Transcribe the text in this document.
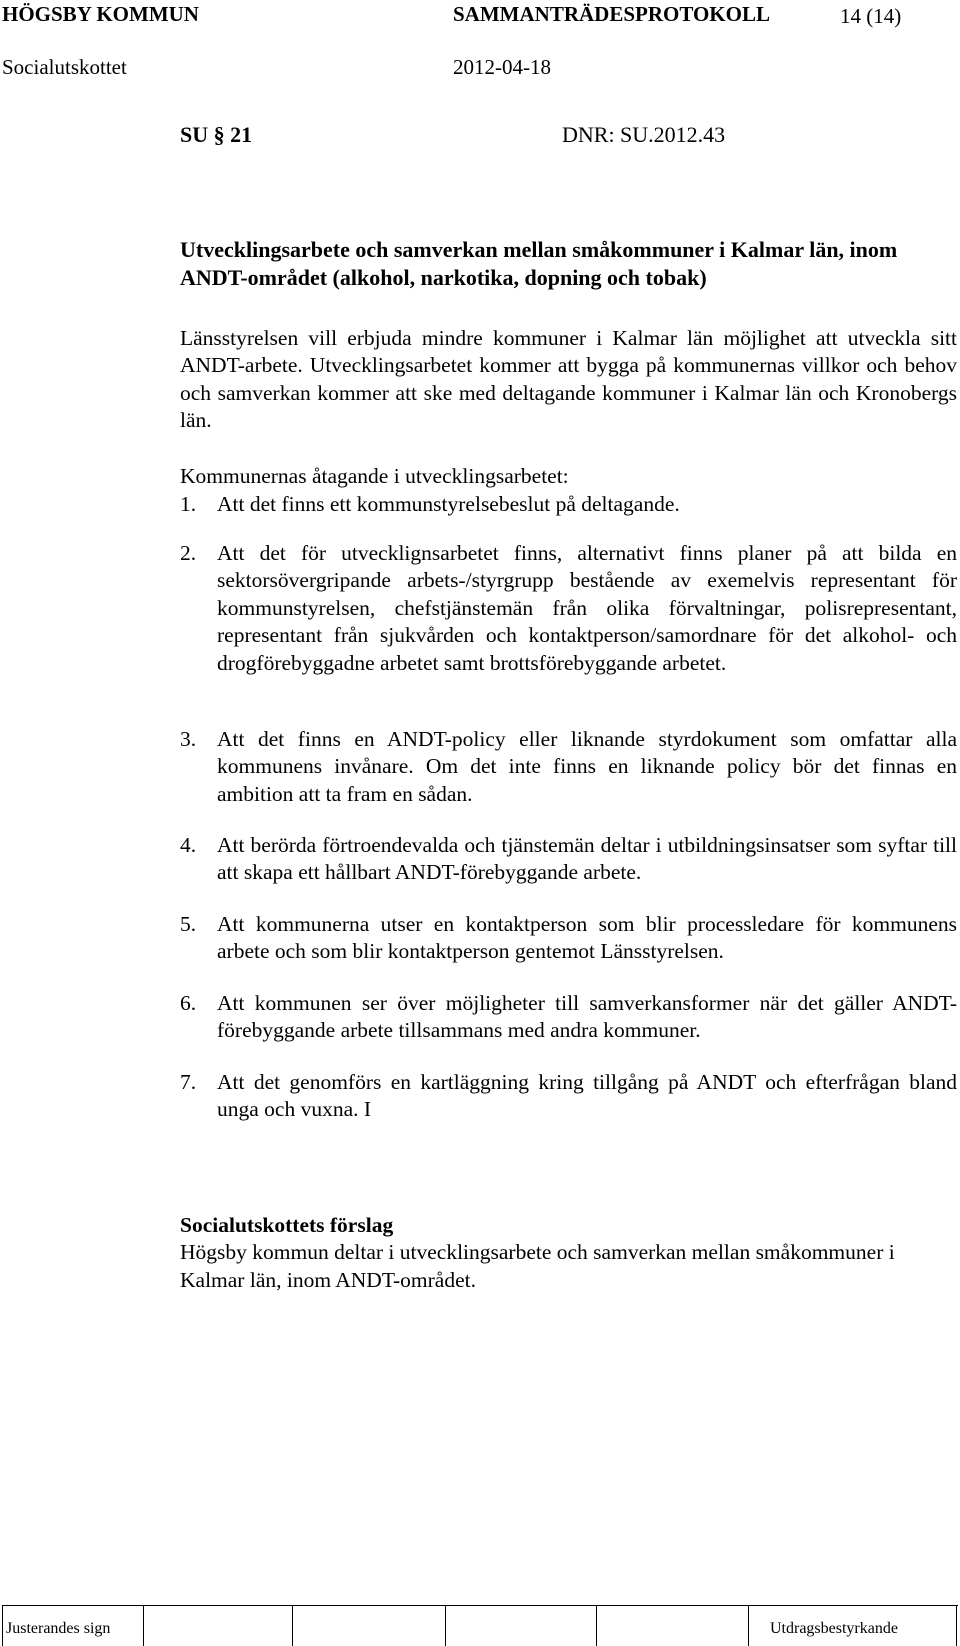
HÖGSBY KOMMUN	SAMMANTRÄDESPROTOKOLL	14 (14)
Socialutskottet	2012-04-18
SU § 21	DNR: SU.2012.43
Utvecklingsarbete och samverkan mellan småkommuner i Kalmar län, inom ANDT-området (alkohol, narkotika, dopning och tobak)
Länsstyrelsen vill erbjuda mindre kommuner i Kalmar län möjlighet att utveckla sitt ANDT-arbete. Utvecklingsarbetet kommer att bygga på kommunernas villkor och behov och samverkan kommer att ske med deltagande kommuner i Kalmar län och Kronobergs län.
Kommunernas åtagande i utvecklingsarbetet:
1. Att det finns ett kommunstyrelsebeslut på deltagande.
2. Att det för utvecklignsarbetet finns, alternativt finns planer på att bilda en sektorsövergripande arbets-/styrgrupp bestående av exemelvis representant för kommunstyrelsen, chefstjänstemän från olika förvaltningar, polisrepresentant, representant från sjukvården och kontaktperson/samordnare för det alkohol- och drogförebyggadne arbetet samt brottsförebyggande arbetet.
3. Att det finns en ANDT-policy eller liknande styrdokument som omfattar alla kommunens invånare. Om det inte finns en liknande policy bör det finnas en ambition att ta fram en sådan.
4. Att berörda förtroendevalda och tjänstemän deltar i utbildningsinsatser som syftar till att skapa ett hållbart ANDT-förebyggande arbete.
5. Att kommunerna utser en kontaktperson som blir processledare för kommunens arbete och som blir kontaktperson gentemot Länsstyrelsen.
6. Att kommunen ser över möjligheter till samverkansformer när det gäller ANDT-förebyggande arbete tillsammans med andra kommuner.
7. Att det genomförs en kartläggning kring tillgång på ANDT och efterfrågan bland unga och vuxna. I
Socialutskottets förslag
Högsby kommun deltar i utvecklingsarbete och samverkan mellan småkommuner i Kalmar län, inom ANDT-området.
Justerandes sign	Utdragsbestyrkande
